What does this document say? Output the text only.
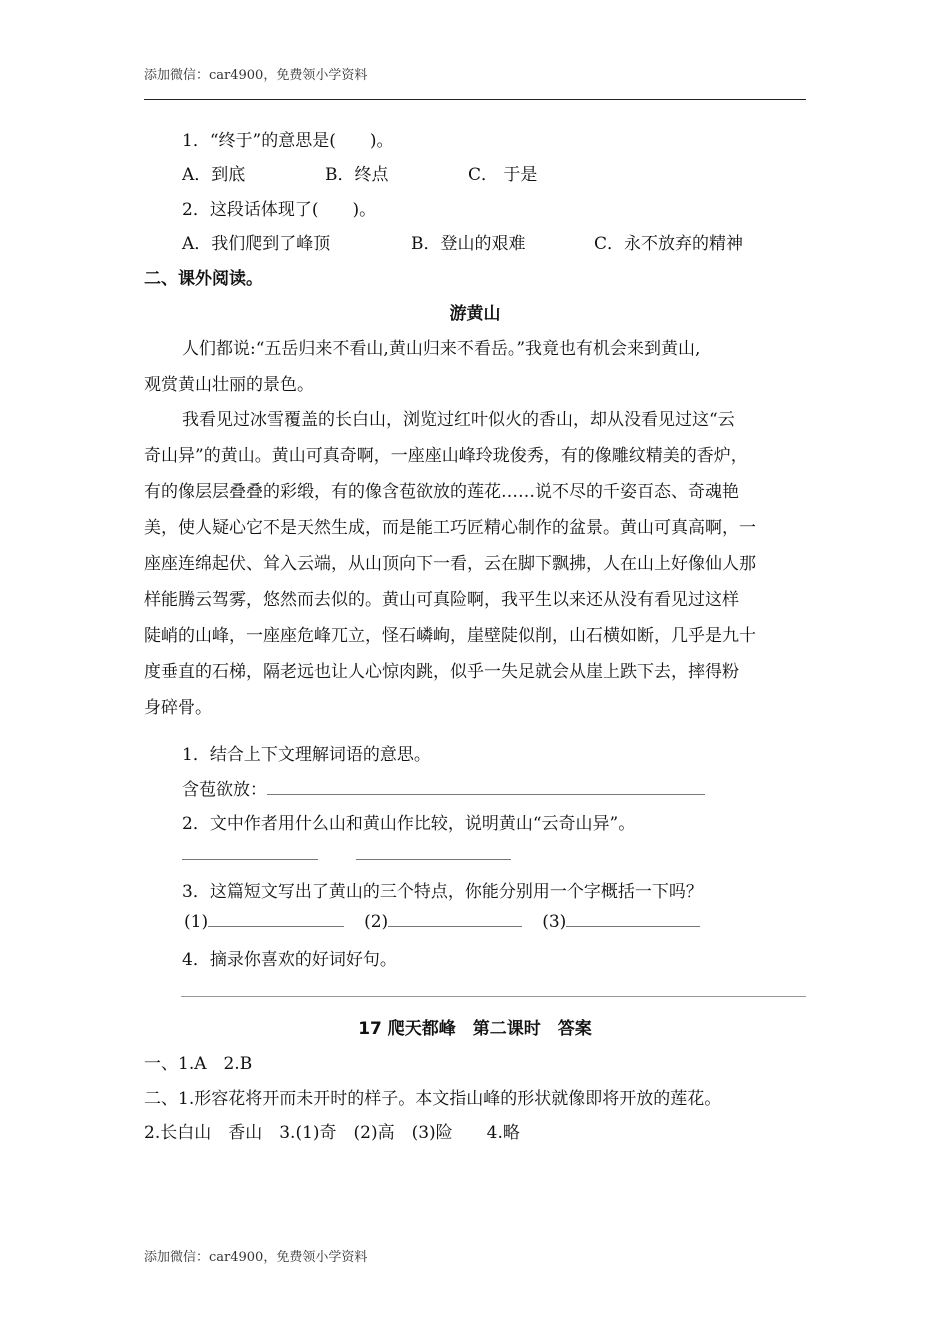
添加微信：car4900，免费领小学资料
1．“终于”的意思是(　　)。
A．到底	B．终点	C． 于是
2．这段话体现了(　　)。
A．我们爬到了峰顶	B．登山的艰难	C．永不放弃的精神
二、课外阅读。
游黄山
人们都说:“五岳归来不看山,黄山归来不看岳。”我竟也有机会来到黄山,
观赏黄山壮丽的景色。
我看见过冰雪覆盖的长白山，浏览过红叶似火的香山，却从没看见过这“云
奇山异”的黄山。黄山可真奇啊，一座座山峰玲珑俊秀，有的像雕纹精美的香炉，
有的像层层叠叠的彩缎，有的像含苞欲放的莲花……说不尽的千姿百态、奇魂艳
美，使人疑心它不是天然生成，而是能工巧匠精心制作的盆景。黄山可真高啊，一
座座连绵起伏、耸入云端，从山顶向下一看，云在脚下飘拂，人在山上好像仙人那
样能腾云驾雾，悠然而去似的。黄山可真险啊，我平生以来还从没有看见过这样
陡峭的山峰，一座座危峰兀立，怪石嶙峋，崖壁陡似削，山石横如断，几乎是九十
度垂直的石梯，隔老远也让人心惊肉跳，似乎一失足就会从崖上跌下去，摔得粉
身碎骨。
1．结合上下文理解词语的意思。
含苞欲放：
2．文中作者用什么山和黄山作比较，说明黄山“云奇山异”。
3．这篇短文写出了黄山的三个特点，你能分别用一个字概括一下吗？
(1)	(2)	(3)
4．摘录你喜欢的好词好句。
17 爬天都峰　第二课时　答案
一、1.A　2.B
二、1.形容花将开而未开时的样子。本文指山峰的形状就像即将开放的莲花。
2.长白山　香山　3.(1)奇　(2)高　(3)险　　4.略
添加微信：car4900，免费领小学资料
